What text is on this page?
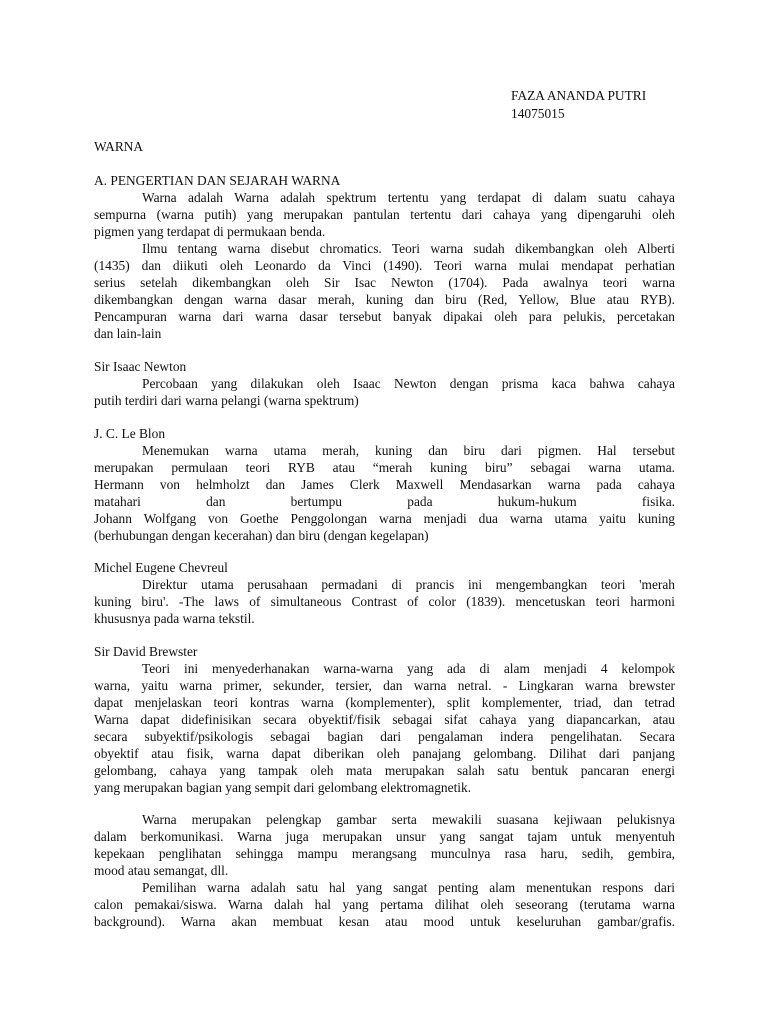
FAZA ANANDA PUTRI
14075015
WARNA
A. PENGERTIAN DAN SEJARAH WARNA
Warna adalah Warna adalah spektrum tertentu yang terdapat di dalam suatu cahaya
sempurna (warna putih) yang merupakan pantulan tertentu dari cahaya yang dipengaruhi oleh
pigmen yang terdapat di permukaan benda.
Ilmu tentang warna disebut chromatics. Teori warna sudah dikembangkan oleh Alberti
(1435) dan diikuti oleh Leonardo da Vinci (1490). Teori warna mulai mendapat perhatian
serius setelah dikembangkan oleh Sir Isac Newton (1704). Pada awalnya teori warna
dikembangkan dengan warna dasar merah, kuning dan biru (Red, Yellow, Blue atau RYB).
Pencampuran warna dari warna dasar tersebut banyak dipakai oleh para pelukis, percetakan
dan lain-lain
Sir Isaac Newton
Percobaan yang dilakukan oleh Isaac Newton dengan prisma kaca bahwa cahaya
putih terdiri dari warna pelangi (warna spektrum)
J. C. Le Blon
Menemukan warna utama merah, kuning dan biru dari pigmen. Hal tersebut
merupakan permulaan teori RYB atau “merah kuning biru” sebagai warna utama.
Hermann von helmholzt dan James Clerk Maxwell Mendasarkan warna pada cahaya
matahari dan bertumpu pada hukum-hukum fisika.
Johann Wolfgang von Goethe Penggolongan warna menjadi dua warna utama yaitu kuning
(berhubungan dengan kecerahan) dan biru (dengan kegelapan)
Michel Eugene Chevreul
Direktur utama perusahaan permadani di prancis ini mengembangkan teori 'merah
kuning biru'. -The laws of simultaneous Contrast of color (1839). mencetuskan teori harmoni
khususnya pada warna tekstil.
Sir David Brewster
Teori ini menyederhanakan warna-warna yang ada di alam menjadi 4 kelompok
warna, yaitu warna primer, sekunder, tersier, dan warna netral. - Lingkaran warna brewster
dapat menjelaskan teori kontras warna (komplementer), split komplementer, triad, dan tetrad
Warna dapat didefinisikan secara obyektif/fisik sebagai sifat cahaya yang diapancarkan, atau
secara subyektif/psikologis sebagai bagian dari pengalaman indera pengelihatan. Secara
obyektif atau fisik, warna dapat diberikan oleh panajang gelombang. Dilihat dari panjang
gelombang, cahaya yang tampak oleh mata merupakan salah satu bentuk pancaran energi
yang merupakan bagian yang sempit dari gelombang elektromagnetik.
Warna merupakan pelengkap gambar serta mewakili suasana kejiwaan pelukisnya
dalam berkomunikasi. Warna juga merupakan unsur yang sangat tajam untuk menyentuh
kepekaan penglihatan sehingga mampu merangsang munculnya rasa haru, sedih, gembira,
mood atau semangat, dll.
Pemilihan warna adalah satu hal yang sangat penting alam menentukan respons dari
calon pemakai/siswa. Warna dalah hal yang pertama dilihat oleh seseorang (terutama warna
background). Warna akan membuat kesan atau mood untuk keseluruhan gambar/grafis.
